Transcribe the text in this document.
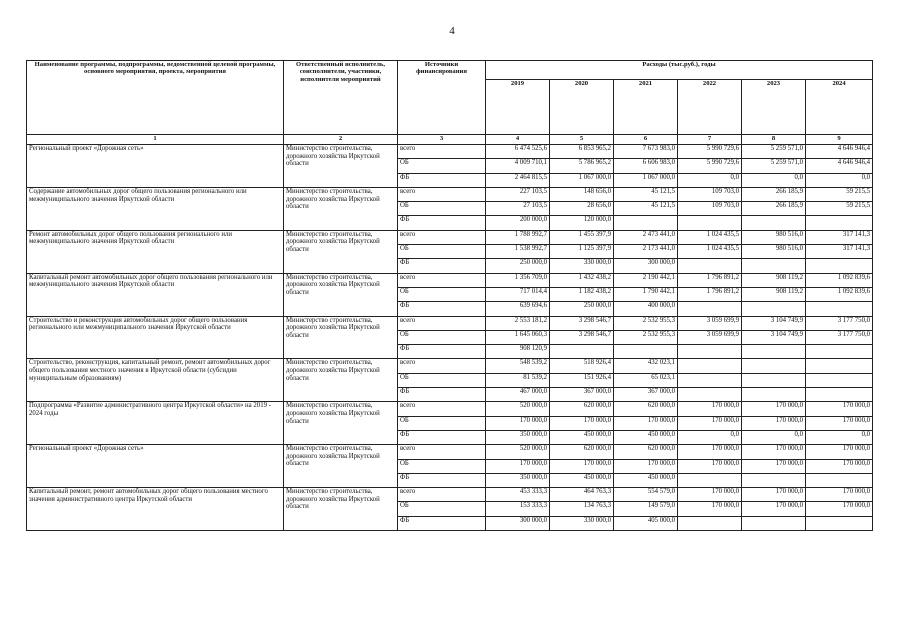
4
Наименование программы, подпрограммы, ведомственной целевой программы, основного мероприятия, проекта, мероприятия	Ответственный исполнитель, соисполнители, участники, исполнители мероприятий	Источники финансирования	Расходы (тыс.руб.), годы					
			2019	2020	2021	2022	2023	2024
1	2	3	4	5	6	7	8	9
Региональный проект «Дорожная сеть»	Министерство строительства, дорожного хозяйства Иркутской области	всего	6 474 525,6	6 853 965,2	7 673 983,0	5 990 729,6	5 259 571,0	4 646 946,4
		ОБ	4 009 710,1	5 786 965,2	6 606 983,0	5 990 729,6	5 259 571,0	4 646 946,4
		ФБ	2 464 815,5	1 067 000,0	1 067 000,0	0,0	0,0	0,0
Содержание автомобильных дорог общего пользования регионального или межмуниципального значения Иркутской области	Министерство строительства, дорожного хозяйства Иркутской области	всего	227 103,5	148 656,0	45 121,5	109 703,0	266 185,9	59 215,5
		ОБ	27 103,5	28 656,0	45 121,5	109 703,0	266 185,9	59 215,5
		ФБ	200 000,0	120 000,0				
Ремонт автомобильных дорог общего пользования регионального или межмуниципального значения Иркутской области	Министерство строительства, дорожного хозяйства Иркутской области	всего	1 788 992,7	1 455 397,9	2 473 441,0	1 024 435,5	980 516,0	317 141,3
		ОБ	1 538 992,7	1 125 397,9	2 173 441,0	1 024 435,5	980 516,0	317 141,3
		ФБ	250 000,0	330 000,0	300 000,0			
Капитальный ремонт автомобильных дорог общего пользования регионального или межмуниципального значения Иркутской области	Министерство строительства, дорожного хозяйства Иркутской области	всего	1 356 709,0	1 432 438,2	2 190 442,1	1 796 891,2	908 119,2	1 092 839,6
		ОБ	717 014,4	1 182 438,2	1 790 442,1	1 796 891,2	908 119,2	1 092 839,6
		ФБ	639 694,6	250 000,0	400 000,0			
Строительство и реконструкция автомобильных дорог общего пользования регионального или межмуниципального значения Иркутской области	Министерство строительства, дорожного хозяйства Иркутской области	всего	2 553 181,2	3 298 546,7	2 532 955,3	3 059 699,9	3 104 749,9	3 177 750,0
		ОБ	1 645 060,3	3 298 546,7	2 532 955,3	3 059 699,9	3 104 749,9	3 177 750,0
		ФБ	908 120,9					
Строительство, реконструкция, капитальный ремонт, ремонт автомобильных дорог общего пользования местного значения в Иркутской области (субсидии муниципальным образованиям)	Министерство строительства, дорожного хозяйства Иркутской области	всего	548 539,2	518 926,4	432 023,1			
		ОБ	81 539,2	151 926,4	65 023,1			
		ФБ	467 000,0	367 000,0	367 000,0			
Подпрограмма «Развитие административного центра Иркутской области» на 2019 - 2024 годы	Министерство строительства, дорожного хозяйства Иркутской области	всего	520 000,0	620 000,0	620 000,0	170 000,0	170 000,0	170 000,0
		ОБ	170 000,0	170 000,0	170 000,0	170 000,0	170 000,0	170 000,0
		ФБ	350 000,0	450 000,0	450 000,0	0,0	0,0	0,0
Региональный проект «Дорожная сеть»	Министерство строительства, дорожного хозяйства Иркутской области	всего	520 000,0	620 000,0	620 000,0	170 000,0	170 000,0	170 000,0
		ОБ	170 000,0	170 000,0	170 000,0	170 000,0	170 000,0	170 000,0
		ФБ	350 000,0	450 000,0	450 000,0			
Капитальный ремонт, ремонт автомобильных дорог общего пользования местного значения административного центра Иркутской области	Министерство строительства, дорожного хозяйства Иркутской области	всего	453 333,3	464 763,3	554 579,0	170 000,0	170 000,0	170 000,0
		ОБ	153 333,3	134 763,3	149 579,0	170 000,0	170 000,0	170 000,0
		ФБ	300 000,0	330 000,0	405 000,0			
